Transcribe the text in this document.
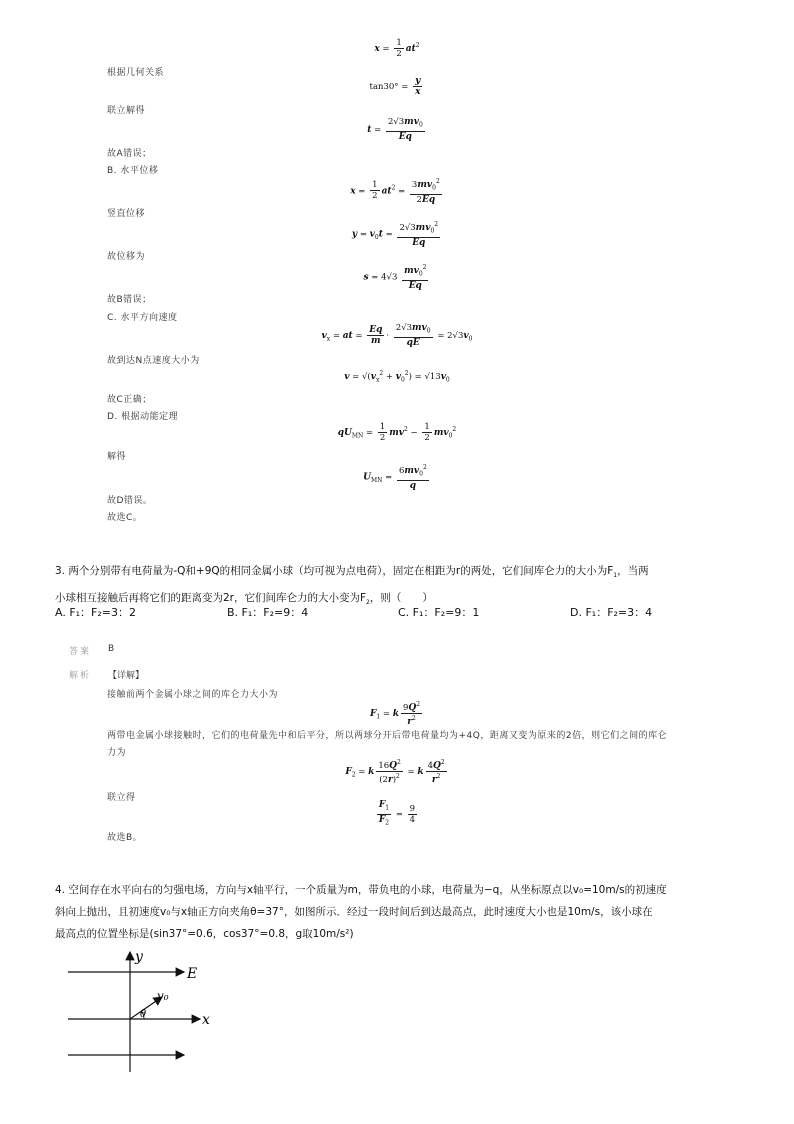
$x = \frac{1}{2} at^2$
根据几何关系
$\tan 30^\circ = \frac{y}{x}$
联立解得
$t = \frac{2√3mv_0}{Eq}$
故A错误；
B. 水平位移
$x = \frac{1}{2} at^2 = \frac{3mv_0^2}{2Eq}$
竖直位移
$y = v_0t = \frac{2√3mv_0^2}{Eq}$
故位移为
$s = 4√3 \frac{mv_0^2}{Eq}$
故B错误；
C. 水平方向速度
$v_x$ = at = $\frac{Eq}{m} \cdot \frac{2√3mv_0}{qE} = 2√3v_0$
故到达N点速度大小为
$v = √(v_x^2 + v_0^2) = √13v_0$
故C正确；
D. 根据动能定理
$qU_{MN} = \frac{1}{2} mv^2 - \frac{1}{2} mv_0^2$
解得
$U_{MN} = \frac{6mv_0^2}{q}$
故D错误。
故选C。
3. 两个分别带有电荷量为-Q和+9Q的相同金属小球（均可视为点电荷），固定在相距为r的两处，它们间库仑力的大小为$F_1$，当两
小球相互接触后再将它们的距离变为2r，它们间库仑力的大小变为$F_2$，则（　　）
A. F₁：F₂=3：2	B. F₁：F₂=9：4	C. F₁：F₂=9：1	D. F₁：F₂=3：4
答案 B
解析 【详解】
接触前两个金属小球之间的库仑力大小为
$F_1 = k \frac{9Q^2}{r^2}$
两带电金属小球接触时，它们的电荷量先中和后平分，所以两球分开后带电荷量均为+4Q，距离又变为原来的2倍，则它们之间的库仑
力为
$F_2 = k \frac{16Q^2}{(2r)^2} = k \frac{4Q^2}{r^2}$
联立得
$\frac{F_1}{F_2} = \frac{9}{4}$
故选B。
4. 空间存在水平向右的匀强电场，方向与x轴平行，一个质量为m，带负电的小球，电荷量为−q，从坐标原点以v₀=10m/s的初速度
斜向上抛出，且初速度v₀与x轴正方向夹角θ=37°，如图所示．经过一段时间后到达最高点，此时速度大小也是10m/s，该小球在
最高点的位置坐标是(sin37°=0.6，cos37°=0.8，g取10m/s²)
y
E
v₀
θ	x
